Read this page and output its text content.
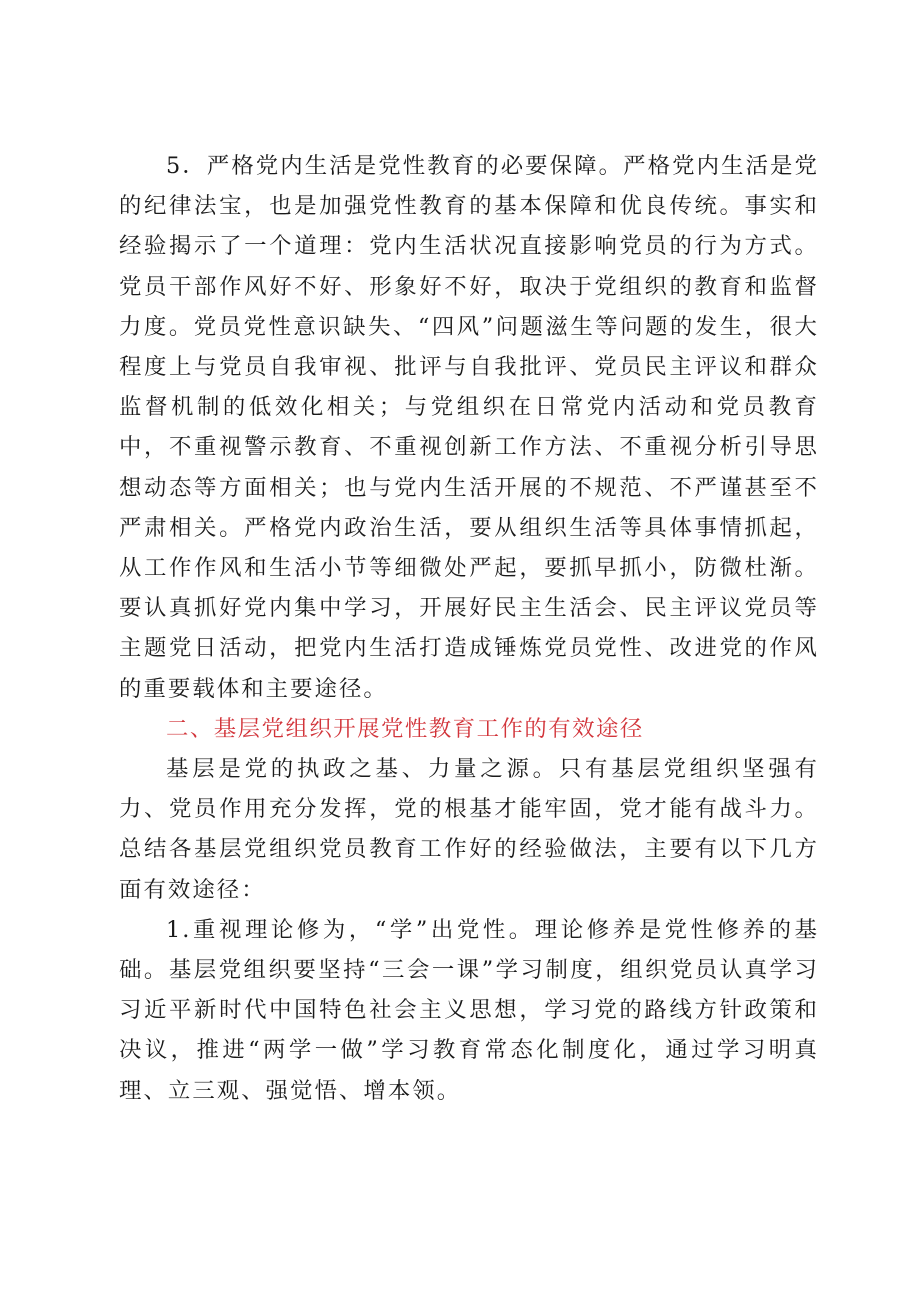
5．严格党内生活是党性教育的必要保障。严格党内生活是党的纪律法宝，也是加强党性教育的基本保障和优良传统。事实和经验揭示了一个道理：党内生活状况直接影响党员的行为方式。党员干部作风好不好、形象好不好，取决于党组织的教育和监督力度。党员党性意识缺失、“四风”问题滋生等问题的发生，很大程度上与党员自我审视、批评与自我批评、党员民主评议和群众监督机制的低效化相关；与党组织在日常党内活动和党员教育中，不重视警示教育、不重视创新工作方法、不重视分析引导思想动态等方面相关；也与党内生活开展的不规范、不严谨甚至不严肃相关。严格党内政治生活，要从组织生活等具体事情抓起，从工作作风和生活小节等细微处严起，要抓早抓小，防微杜渐。要认真抓好党内集中学习，开展好民主生活会、民主评议党员等主题党日活动，把党内生活打造成锤炼党员党性、改进党的作风的重要载体和主要途径。

二、基层党组织开展党性教育工作的有效途径

基层是党的执政之基、力量之源。只有基层党组织坚强有力、党员作用充分发挥，党的根基才能牢固，党才能有战斗力。总结各基层党组织党员教育工作好的经验做法，主要有以下几方面有效途径：

1.重视理论修为，“学”出党性。理论修养是党性修养的基础。基层党组织要坚持“三会一课”学习制度，组织党员认真学习习近平新时代中国特色社会主义思想，学习党的路线方针政策和决议，推进“两学一做”学习教育常态化制度化，通过学习明真理、立三观、强觉悟、增本领。
